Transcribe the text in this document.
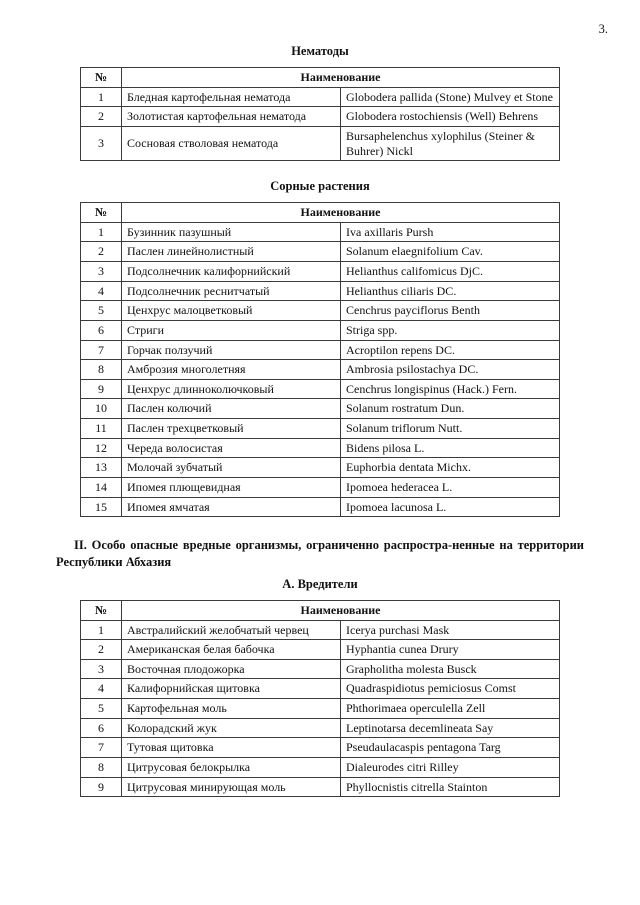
3.
Нематоды
№	Наименование	
1	Бледная картофельная нематода	Globodera pallida (Stone) Mulvey et Stone
2	Золотистая картофельная нематода	Globodera rostochiensis (Well) Behrens
3	Сосновая стволовая нематода	Bursaphelenchus xylophilus (Steiner & Buhrer) Nickl
Сорные растения
№	Наименование	
1	Бузинник пазушный	Iva axillaris Pursh
2	Паслен линейнолистный	Solanum elaegnifolium Cav.
3	Подсолнечник калифорнийский	Helianthus califomicus DjC.
4	Подсолнечник реснитчатый	Helianthus ciliaris DC.
5	Ценхрус малоцветковый	Cenchrus payciflorus Benth
6	Стриги	Striga spp.
7	Горчак ползучий	Acroptilon repens DC.
8	Амброзия многолетняя	Ambrosia psilostachya DC.
9	Ценхрус длинноколючковый	Cenchrus longispinus (Hack.) Fern.
10	Паслен колючий	Solanum rostratum Dun.
11	Паслен трехцветковый	Solanum triflorum Nutt.
12	Череда волосистая	Bidens pilosa L.
13	Молочай зубчатый	Euphorbia dentata Michx.
14	Ипомея плющевидная	Ipomoea hederacea L.
15	Ипомея ямчатая	Ipomoea lacunosa L.
II. Особо опасные вредные организмы, ограниченно распростра-ненные на территории Республики Абхазия
А. Вредители
№	Наименование	
1	Австралийский желобчатый червец	Icerya purchasi Mask
2	Американская белая бабочка	Hyphantia cunea Drury
3	Восточная плодожорка	Grapholitha molesta Busck
4	Калифорнийская щитовка	Quadraspidiotus pemiciosus Comst
5	Картофельная моль	Phthorimaea operculella Zell
6	Колорадский жук	Leptinotarsa decemlineata Say
7	Тутовая щитовка	Pseudaulacaspis pentagona Targ
8	Цитрусовая белокрылка	Dialeurodes citri Rilley
9	Цитрусовая минирующая моль	Phyllocnistis citrella Stainton
